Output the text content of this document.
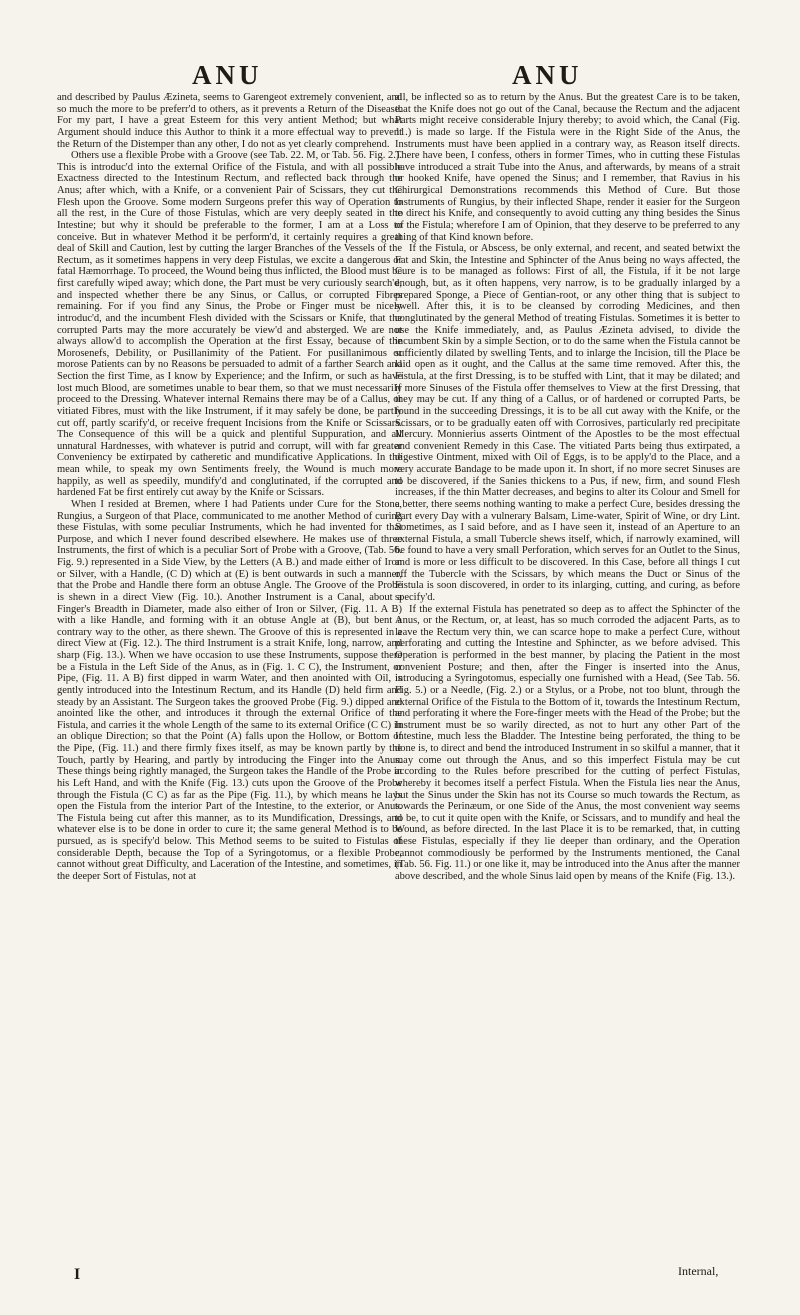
ANU	ANU

and described by Paulus Æzineta, seems to Garengeot extremely convenient, and so much the more to be preferr'd to others, as it prevents a Return of the Disease. For my part, I have a great Esteem for this very antient Method; but what Argument should induce this Author to think it a more effectual way to prevent the Return of the Distemper than any other, I do not as yet clearly comprehend.

Others use a flexible Probe with a Groove (see Tab. 22. M, or Tab. 56. Fig. 2.). This is introduc'd into the external Orifice of the Fistula, and with all possible Exactness directed to the Intestinum Rectum, and reflected back through the Anus; after which, with a Knife, or a convenient Pair of Scissars, they cut the Flesh upon the Groove. Some modern Surgeons prefer this way of Operation to all the rest, in the Cure of those Fistulas, which are very deeply seated in the Intestine; but why it should be preferable to the former, I am at a Loss to conceive. But in whatever Method it be perform'd, it certainly requires a great deal of Skill and Caution, lest by cutting the larger Branches of the Vessels of the Rectum, as it sometimes happens in very deep Fistulas, we excite a dangerous or fatal Hæmorrhage. To proceed, the Wound being thus inflicted, the Blood must be first carefully wiped away; which done, the Part must be very curiously search'd, and inspected whether there be any Sinus, or Callus, or corrupted Fibres remaining. For if you find any Sinus, the Probe or Finger must be nicely introduc'd, and the incumbent Flesh divided with the Scissars or Knife, that the corrupted Parts may the more accurately be view'd and absterged. We are not always allow'd to accomplish the Operation at the first Essay, because of the Morosenefs, Debility, or Pusillanimity of the Patient. For pusillanimous or morose Patients can by no Reasons be persuaded to admit of a farther Search and Section the first Time, as I know by Experience; and the Infirm, or such as have lost much Blood, are sometimes unable to bear them, so that we must necessarily proceed to the Dressing. Whatever internal Remains there may be of a Callus, or vitiated Fibres, must with the like Instrument, if it may safely be done, be partly cut off, partly scarify'd, or receive frequent Incisions from the Knife or Scissars. The Consequence of this will be a quick and plentiful Suppuration, and all unnatural Hardnesses, with whatever is putrid and corrupt, will with far greater Conveniency be extirpated by catheretic and mundificative Applications. In the mean while, to speak my own Sentiments freely, the Wound is much more happily, as well as speedily, mundify'd and conglutinated, if the corrupted and hardened Fat be first entirely cut away by the Knife or Scissars.

When I resided at Bremen, where I had Patients under Cure for the Stone, Rungius, a Surgeon of that Place, communicated to me another Method of curing these Fistulas, with some peculiar Instruments, which he had invented for that Purpose, and which I never found described elsewhere. He makes use of three Instruments, the first of which is a peculiar Sort of Probe with a Groove, (Tab. 56. Fig. 9.) represented in a Side View, by the Letters (A B.) and made either of Iron or Silver, with a Handle, (C D) which at (E) is bent outwards in such a manner, that the Probe and Handle there form an obtuse Angle. The Groove of the Probe is shewn in a direct View (Fig. 10.). Another Instrument is a Canal, about a Finger's Breadth in Diameter, made also either of Iron or Silver, (Fig. 11. A B) with a like Handle, and forming with it an obtuse Angle at (B), but bent a contrary way to the other, as there shewn. The Groove of this is represented in a direct View at (Fig. 12.). The third Instrument is a strait Knife, long, narrow, and sharp (Fig. 13.). When we have occasion to use these Instruments, suppose there be a Fistula in the Left Side of the Anus, as in (Fig. 1. C C), the Instrument, or Pipe, (Fig. 11. A B) first dipped in warm Water, and then anointed with Oil, is gently introduced into the Intestinum Rectum, and its Handle (D) held firm and steady by an Assistant. The Surgeon takes the grooved Probe (Fig. 9.) dipped and anointed like the other, and introduces it through the external Orifice of the Fistula, and carries it the whole Length of the same to its external Orifice (C C) in an oblique Direction; so that the Point (A) falls upon the Hollow, or Bottom of the Pipe, (Fig. 11.) and there firmly fixes itself, as may be known partly by the Touch, partly by Hearing, and partly by introducing the Finger into the Anus. These things being rightly managed, the Surgeon takes the Handle of the Probe in his Left Hand, and with the Knife (Fig. 13.) cuts upon the Groove of the Probe through the Fistula (C C) as far as the Pipe (Fig. 11.), by which means he lays open the Fistula from the interior Part of the Intestine, to the exterior, or Anus. The Fistula being cut after this manner, as to its Mundification, Dressings, and whatever else is to be done in order to cure it; the same general Method is to be pursued, as is specify'd below. This Method seems to be suited to Fistulas of considerable Depth, because the Top of a Syringotomus, or a flexible Probe, cannot without great Difficulty, and Laceration of the Intestine, and sometimes, in the deeper Sort of Fistulas, not at

all, be inflected so as to return by the Anus. But the greatest Care is to be taken, that the Knife does not go out of the Canal, because the Rectum and the adjacent Parts might receive considerable Injury thereby; to avoid which, the Canal (Fig. 11.) is made so large. If the Fistula were in the Right Side of the Anus, the Instruments must have been applied in a contrary way, as Reason itself directs. There have been, I confess, others in former Times, who in cutting these Fistulas have introduced a strait Tube into the Anus, and afterwards, by means of a strait or hooked Knife, have opened the Sinus; and I remember, that Ravius in his Chirurgical Demonstrations recommends this Method of Cure. But those Instruments of Rungius, by their inflected Shape, render it easier for the Surgeon to direct his Knife, and consequently to avoid cutting any thing besides the Sinus of the Fistula; wherefore I am of Opinion, that they deserve to be preferred to any thing of that Kind known before.

If the Fistula, or Abscess, be only external, and recent, and seated betwixt the Fat and Skin, the Intestine and Sphincter of the Anus being no ways affected, the Cure is to be managed as follows: First of all, the Fistula, if it be not large enough, but, as it often happens, very narrow, is to be gradually inlarged by a prepared Sponge, a Piece of Gentian-root, or any other thing that is subject to swell. After this, it is to be cleansed by corroding Medicines, and then conglutinated by the general Method of treating Fistulas. Sometimes it is better to use the Knife immediately, and, as Paulus Æzineta advised, to divide the incumbent Skin by a simple Section, or to do the same when the Fistula cannot be sufficiently dilated by swelling Tents, and to inlarge the Incision, till the Place be laid open as it ought, and the Callus at the same time removed. After this, the Fistula, at the first Dressing, is to be stuffed with Lint, that it may be dilated; and if more Sinuses of the Fistula offer themselves to View at the first Dressing, that they may be cut. If any thing of a Callus, or of hardened or corrupted Parts, be found in the succeeding Dressings, it is to be all cut away with the Knife, or the Scissars, or to be gradually eaten off with Corrosives, particularly red precipitate Mercury. Monnierius asserts Ointment of the Apostles to be the most effectual and convenient Remedy in this Case. The vitiated Parts being thus extirpated, a digestive Ointment, mixed with Oil of Eggs, is to be apply'd to the Place, and a very accurate Bandage to be made upon it. In short, if no more secret Sinuses are to be discovered, if the Sanies thickens to a Pus, if new, firm, and sound Flesh increases, if the thin Matter decreases, and begins to alter its Colour and Smell for a better, there seems nothing wanting to make a perfect Cure, besides dressing the Part every Day with a vulnerary Balsam, Lime-water, Spirit of Wine, or dry Lint. Sometimes, as I said before, and as I have seen it, instead of an Aperture to an external Fistula, a small Tubercle shews itself, which, if narrowly examined, will be found to have a very small Perforation, which serves for an Outlet to the Sinus, and is more or less difficult to be discovered. In this Case, before all things I cut off the Tubercle with the Scissars, by which means the Duct or Sinus of the Fistula is soon discovered, in order to its inlarging, cutting, and curing, as before specify'd.

If the external Fistula has penetrated so deep as to affect the Sphincter of the Anus, or the Rectum, or, at least, has so much corroded the adjacent Parts, as to leave the Rectum very thin, we can scarce hope to make a perfect Cure, without perforating and cutting the Intestine and Sphincter, as we before advised. This Operation is performed in the best manner, by placing the Patient in the most convenient Posture; and then, after the Finger is inserted into the Anus, introducing a Syringotomus, especially one furnished with a Head, (See Tab. 56. Fig. 5.) or a Needle, (Fig. 2.) or a Stylus, or a Probe, not too blunt, through the external Orifice of the Fistula to the Bottom of it, towards the Intestinum Rectum, and perforating it where the Fore-finger meets with the Head of the Probe; but the Instrument must be so warily directed, as not to hurt any other Part of the Intestine, much less the Bladder. The Intestine being perforated, the thing to be done is, to direct and bend the introduced Instrument in so skilful a manner, that it may come out through the Anus, and so this imperfect Fistula may be cut according to the Rules before prescribed for the cutting of perfect Fistulas, whereby it becomes itself a perfect Fistula. When the Fistula lies near the Anus, but the Sinus under the Skin has not its Course so much towards the Rectum, as towards the Perinæum, or one Side of the Anus, the most convenient way seems to be, to cut it quite open with the Knife, or Scissars, and to mundify and heal the Wound, as before directed. In the last Place it is to be remarked, that, in cutting these Fistulas, especially if they lie deeper than ordinary, and the Operation cannot commodiously be performed by the Instruments mentioned, the Canal (Tab. 56. Fig. 11.) or one like it, may be introduced into the Anus after the manner above described, and the whole Sinus laid open by means of the Knife (Fig. 13.).

I	Internal,
